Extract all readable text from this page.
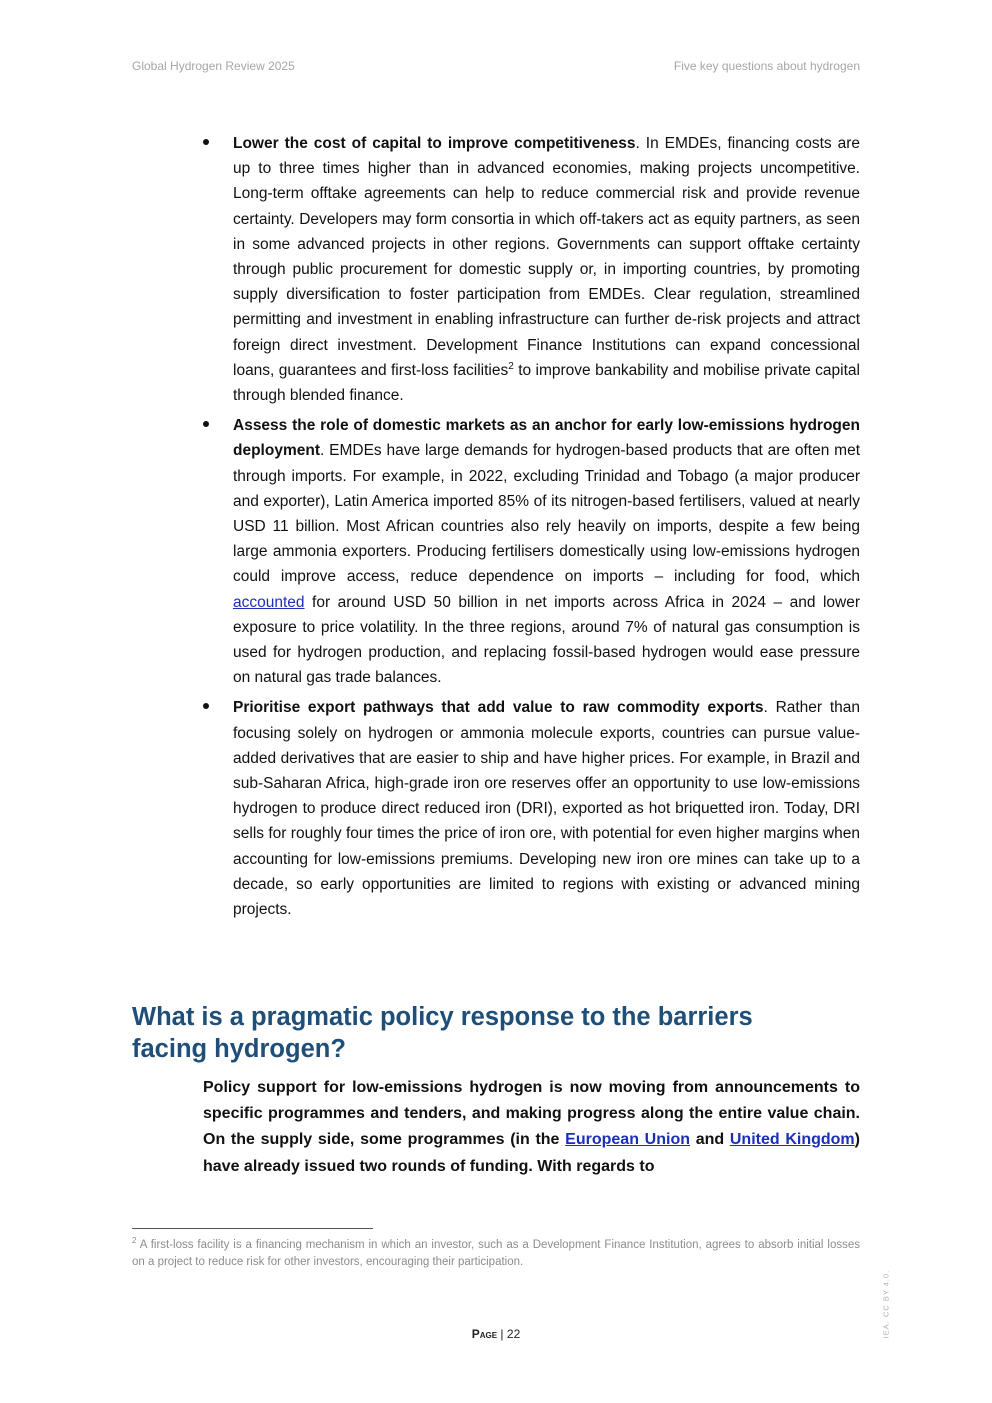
Global Hydrogen Review 2025	Five key questions about hydrogen
Lower the cost of capital to improve competitiveness. In EMDEs, financing costs are up to three times higher than in advanced economies, making projects uncompetitive. Long-term offtake agreements can help to reduce commercial risk and provide revenue certainty. Developers may form consortia in which off-takers act as equity partners, as seen in some advanced projects in other regions. Governments can support offtake certainty through public procurement for domestic supply or, in importing countries, by promoting supply diversification to foster participation from EMDEs. Clear regulation, streamlined permitting and investment in enabling infrastructure can further de-risk projects and attract foreign direct investment. Development Finance Institutions can expand concessional loans, guarantees and first-loss facilities$^2$ to improve bankability and mobilise private capital through blended finance.
Assess the role of domestic markets as an anchor for early low-emissions hydrogen deployment. EMDEs have large demands for hydrogen-based products that are often met through imports. For example, in 2022, excluding Trinidad and Tobago (a major producer and exporter), Latin America imported 85% of its nitrogen-based fertilisers, valued at nearly USD 11 billion. Most African countries also rely heavily on imports, despite a few being large ammonia exporters. Producing fertilisers domestically using low-emissions hydrogen could improve access, reduce dependence on imports – including for food, which accounted for around USD 50 billion in net imports across Africa in 2024 – and lower exposure to price volatility. In the three regions, around 7% of natural gas consumption is used for hydrogen production, and replacing fossil-based hydrogen would ease pressure on natural gas trade balances.
Prioritise export pathways that add value to raw commodity exports. Rather than focusing solely on hydrogen or ammonia molecule exports, countries can pursue value-added derivatives that are easier to ship and have higher prices. For example, in Brazil and sub-Saharan Africa, high-grade iron ore reserves offer an opportunity to use low-emissions hydrogen to produce direct reduced iron (DRI), exported as hot briquetted iron. Today, DRI sells for roughly four times the price of iron ore, with potential for even higher margins when accounting for low-emissions premiums. Developing new iron ore mines can take up to a decade, so early opportunities are limited to regions with existing or advanced mining projects.
What is a pragmatic policy response to the barriers facing hydrogen?

Policy support for low-emissions hydrogen is now moving from announcements to specific programmes and tenders, and making progress along the entire value chain. On the supply side, some programmes (in the European Union and United Kingdom) have already issued two rounds of funding. With regards to

$^2$ A first-loss facility is a financing mechanism in which an investor, such as a Development Finance Institution, agrees to absorb initial losses on a project to reduce risk for other investors, encouraging their participation.

Page | 22	IEA. CC BY 4.0.
